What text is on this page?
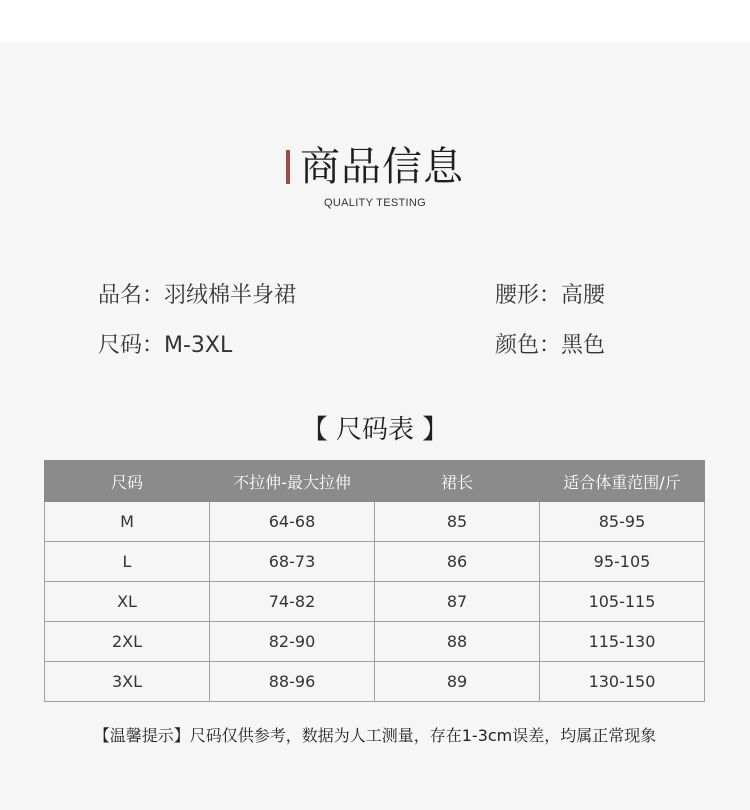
商品信息
QUALITY TESTING
品名：羽绒棉半身裙	腰形：高腰
尺码：M-3XL	颜色：黑色
【 尺码表 】
尺码	不拉伸-最大拉伸	裙长	适合体重范围/斤
M	64-68	85	85-95
L	68-73	86	95-105
XL	74-82	87	105-115
2XL	82-90	88	115-130
3XL	88-96	89	130-150
【温馨提示】尺码仅供参考，数据为人工测量，存在1-3cm误差，均属正常现象
